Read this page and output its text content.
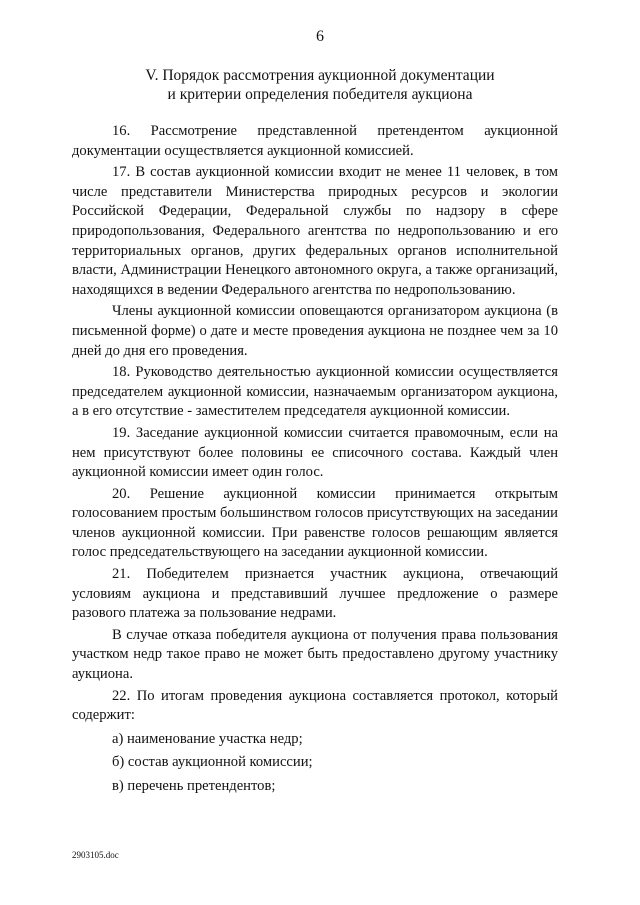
6
V. Порядок рассмотрения аукционной документации
и критерии определения победителя аукциона

16. Рассмотрение представленной претендентом аукционной документации осуществляется аукционной комиссией.

17. В состав аукционной комиссии входит не менее 11 человек, в том числе представители Министерства природных ресурсов и экологии Российской Федерации, Федеральной службы по надзору в сфере природопользования, Федерального агентства по недропользованию и его территориальных органов, других федеральных органов исполнительной власти, Администрации Ненецкого автономного округа, а также организаций, находящихся в ведении Федерального агентства по недропользованию.

Члены аукционной комиссии оповещаются организатором аукциона (в письменной форме) о дате и месте проведения аукциона не позднее чем за 10 дней до дня его проведения.

18. Руководство деятельностью аукционной комиссии осуществляется председателем аукционной комиссии, назначаемым организатором аукциона, а в его отсутствие - заместителем председателя аукционной комиссии.

19. Заседание аукционной комиссии считается правомочным, если на нем присутствуют более половины ее списочного состава. Каждый член аукционной комиссии имеет один голос.

20. Решение аукционной комиссии принимается открытым голосованием простым большинством голосов присутствующих на заседании членов аукционной комиссии. При равенстве голосов решающим является голос председательствующего на заседании аукционной комиссии.

21. Победителем признается участник аукциона, отвечающий условиям аукциона и представивший лучшее предложение о размере разового платежа за пользование недрами.

В случае отказа победителя аукциона от получения права пользования участком недр такое право не может быть предоставлено другому участнику аукциона.

22. По итогам проведения аукциона составляется протокол, который содержит:

а) наименование участка недр;

б) состав аукционной комиссии;

в) перечень претендентов;

2903105.doc
